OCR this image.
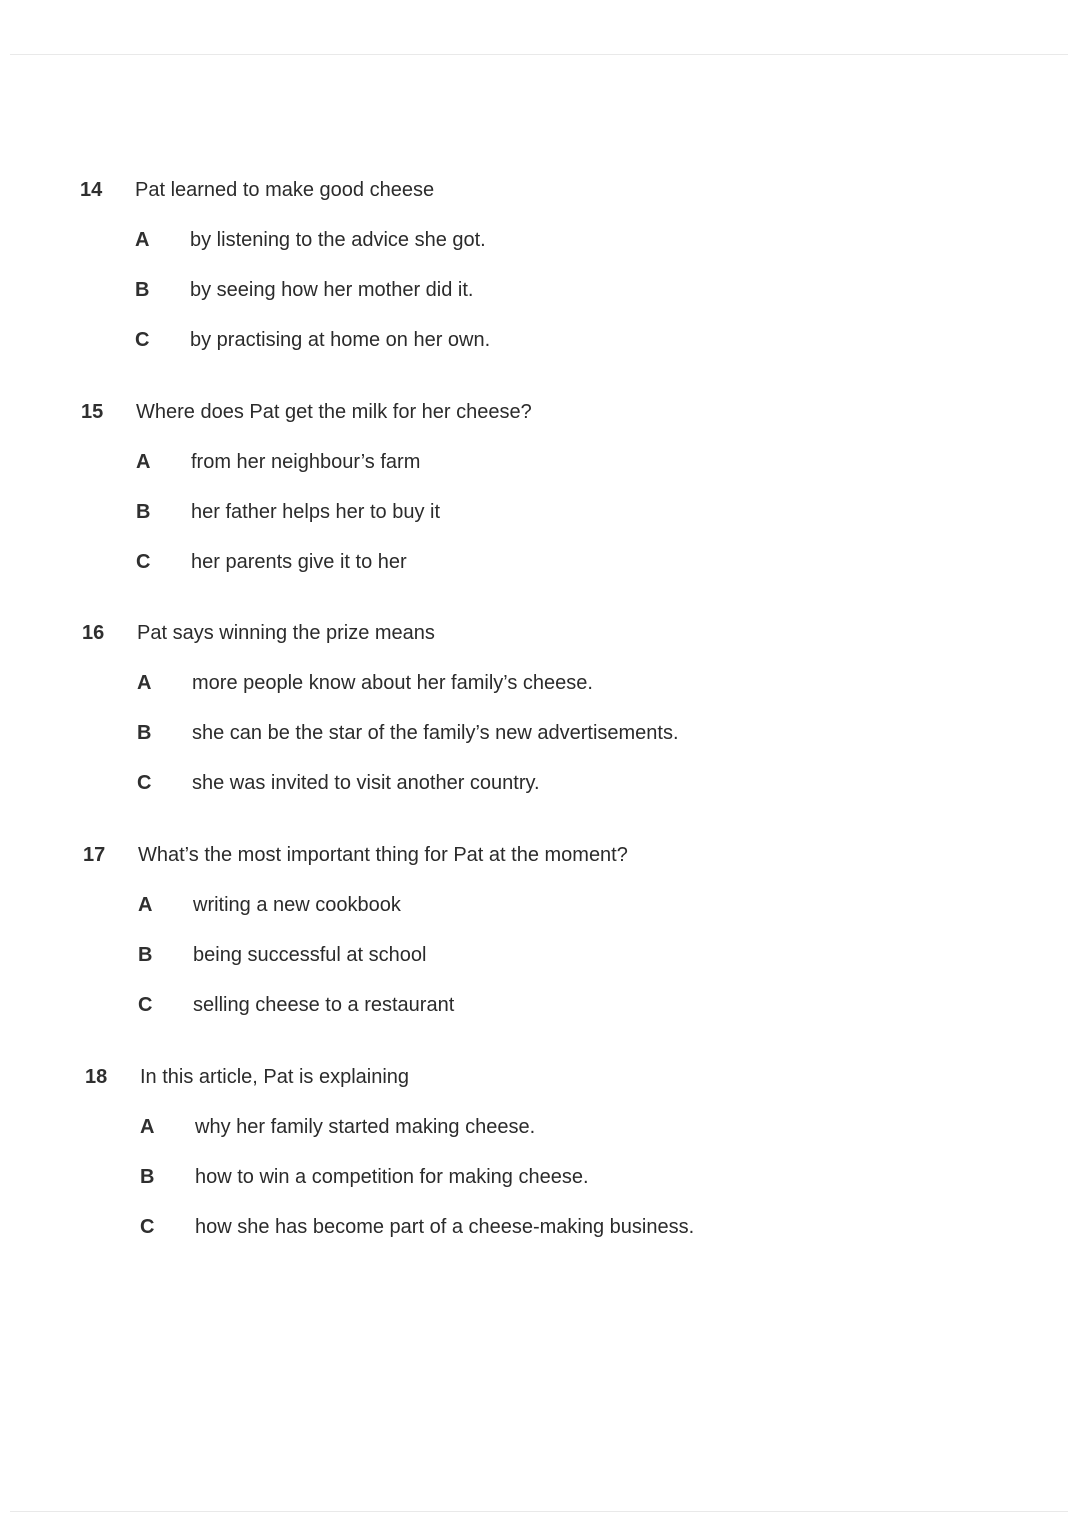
14 Pat learned to make good cheese
A by listening to the advice she got.
B by seeing how her mother did it.
C by practising at home on her own.
15 Where does Pat get the milk for her cheese?
A from her neighbour’s farm
B her father helps her to buy it
C her parents give it to her
16 Pat says winning the prize means
A more people know about her family’s cheese.
B she can be the star of the family’s new advertisements.
C she was invited to visit another country.
17 What’s the most important thing for Pat at the moment?
A writing a new cookbook
B being successful at school
C selling cheese to a restaurant
18 In this article, Pat is explaining
A why her family started making cheese.
B how to win a competition for making cheese.
C how she has become part of a cheese-making business.
